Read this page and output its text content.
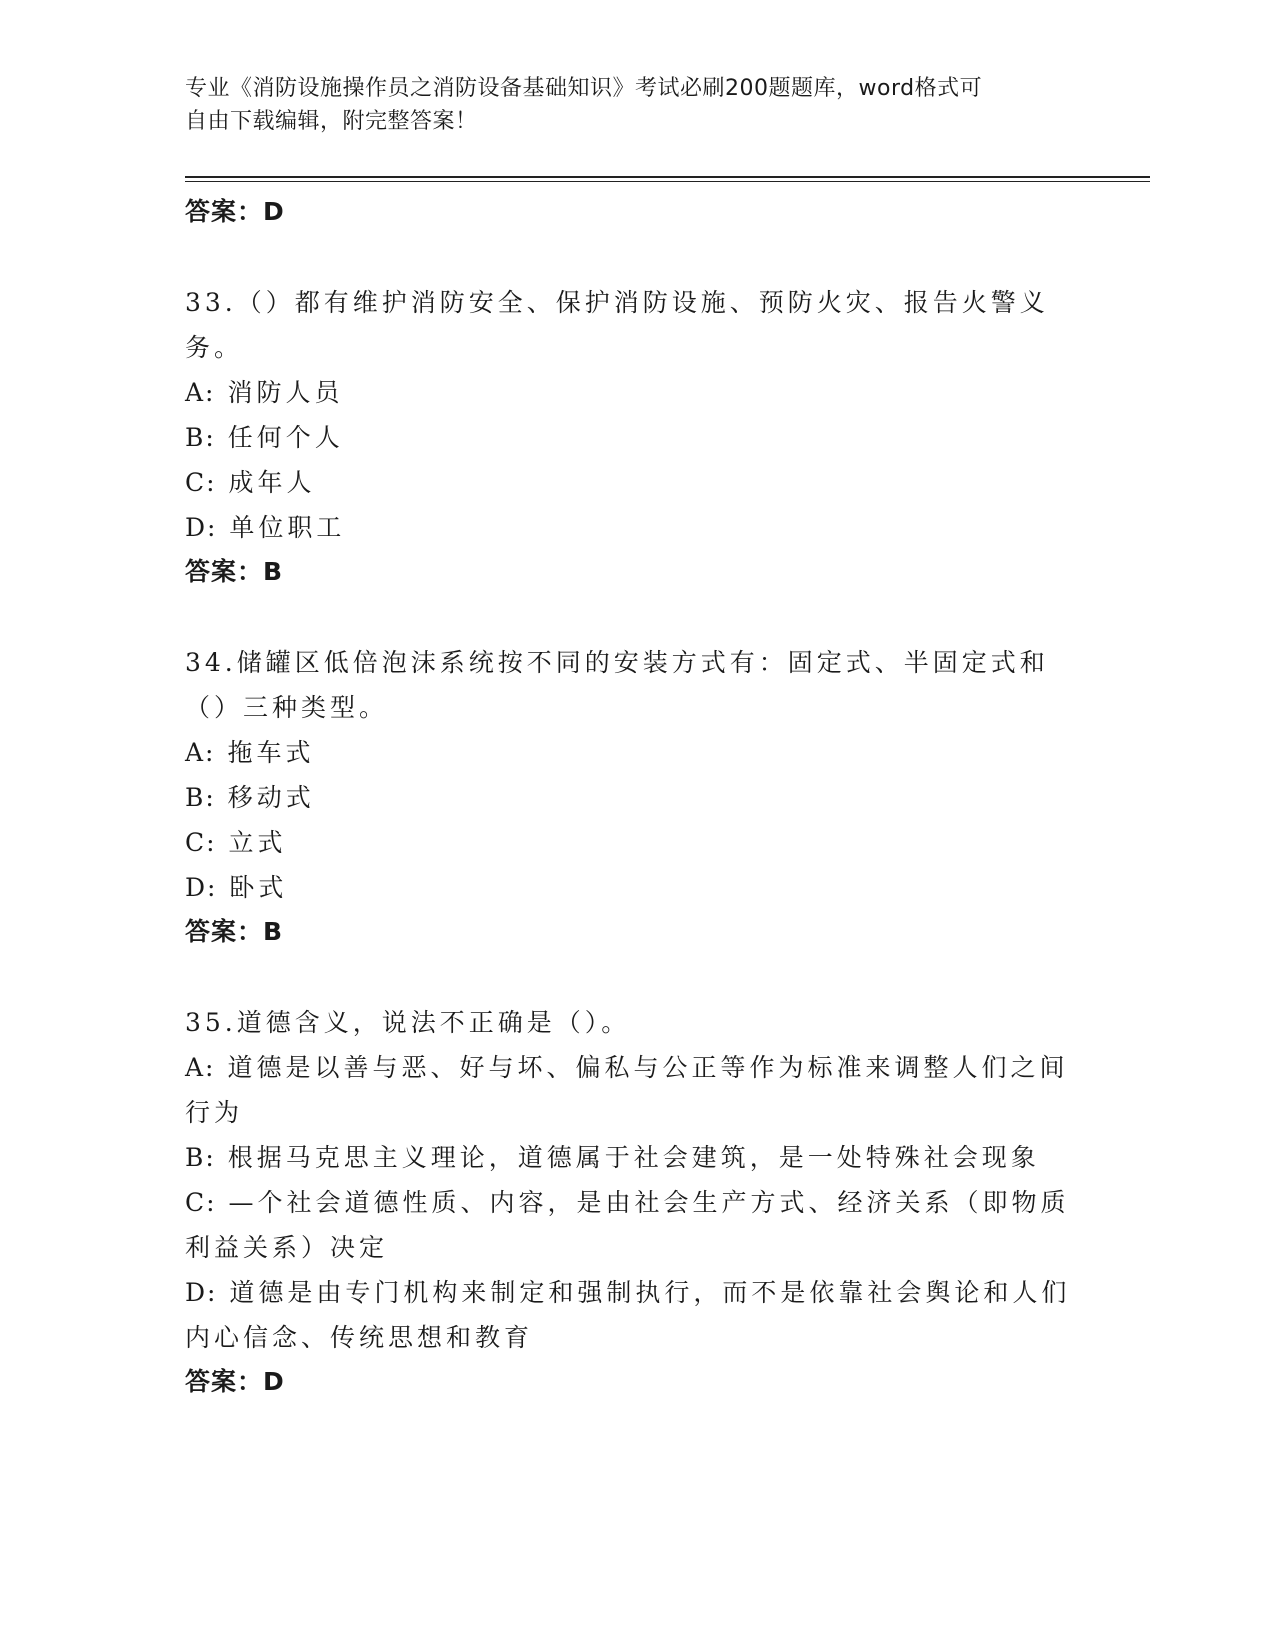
专业《消防设施操作员之消防设备基础知识》考试必刷200题题库，word格式可
自由下载编辑，附完整答案！
答案：D
33.（）都有维护消防安全、保护消防设施、预防火灾、报告火警义务。
A: 消防人员
B: 任何个人
C: 成年人
D: 单位职工
答案：B
34.储罐区低倍泡沫系统按不同的安装方式有：固定式、半固定式和（）三种类型。
A: 拖车式
B: 移动式
C: 立式
D: 卧式
答案：B
35.道德含义，说法不正确是（）。
A: 道德是以善与恶、好与坏、偏私与公正等作为标准来调整人们之间行为
B: 根据马克思主义理论，道德属于社会建筑，是一处特殊社会现象
C: —个社会道德性质、内容，是由社会生产方式、经济关系（即物质利益关系）决定
D: 道德是由专门机构来制定和强制执行，而不是依靠社会舆论和人们内心信念、传统思想和教育
答案：D
